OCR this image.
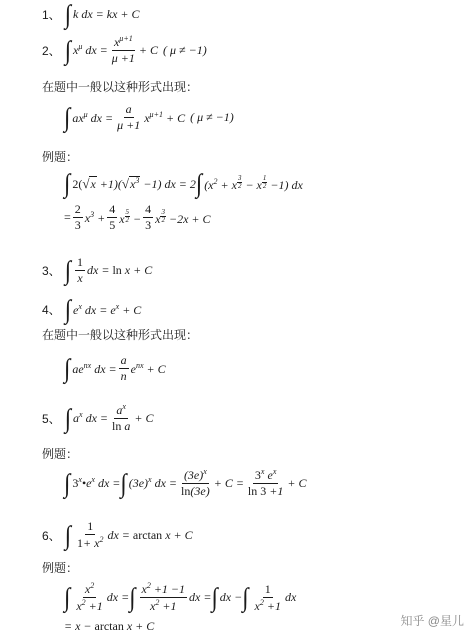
1、 ∫ k dx = kx + C
2、 ∫ $x^\mu$ dx = $\frac{x^{\mu+1}}{\mu +1} + C$ ( μ ≠ −1)
在题中一般以这种形式出现：
∫ $ax^\mu$ dx = $\frac{a}{\mu +1} x^{\mu+1} + C$ ( μ ≠ −1)
例题：
∫ $2(√x +1)(√x^3 -1)$ dx = 2 ∫ ($x^2 + x$ $^{\frac{3}{2}}$ − x $^{\frac{1}{2}}$ −1) dx
= $\frac{2}{3} x^3 + \frac{4}{5}$ x $^{\frac{5}{2}} - \frac{4}{3}$ x $^{\frac{3}{2}}$ −2x + C
3、 ∫ $\frac{1}{x}$ dx = ln x + C
4、 ∫ $e^x$ dx = $e^x + C$
在题中一般以这种形式出现：
∫ $ae^{nx}$ dx = $\frac{a}{n} e^{nx} + C$
5、 ∫ $a^x$ dx = $\frac{a^x}{\text{ln a}} + C$
例题：
∫ $3^x•e^x$ dx = ∫ $(3e)^x$ dx = $\frac{(3e)^x}{\ln(3e)} + C = \frac{3^x e^x}{\ln 3 +1} + C$
6、 ∫ $\frac{1}{1+ x^2}$ dx = arctan x + C
例题：
∫ $\frac{x^2}{x^2 +1}$ dx = ∫ $\frac{x^2 +1 -1}{x^2 +1}$ dx = ∫ dx − ∫ $\frac{1}{x^2 +1}$ dx
= x − arctan x + C	知乎 @星儿
